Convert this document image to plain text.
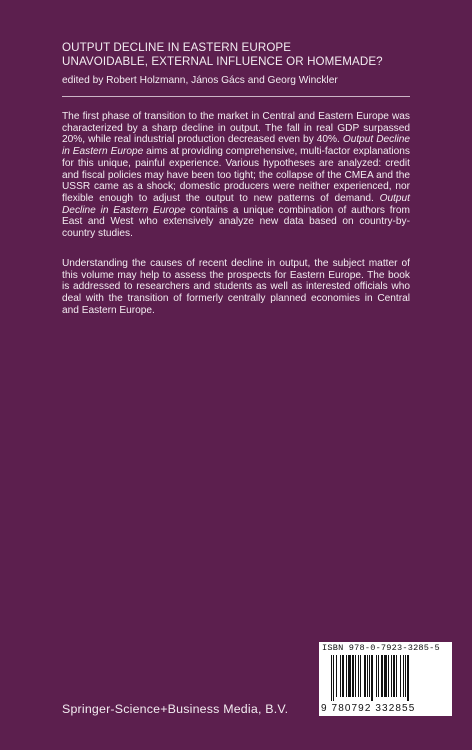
OUTPUT DECLINE IN EASTERN EUROPE
UNAVOIDABLE, EXTERNAL INFLUENCE OR HOMEMADE?
edited by Robert Holzmann, János Gács and Georg Winckler
The first phase of transition to the market in Central and Eastern Europe was characterized by a sharp decline in output. The fall in real GDP surpassed 20%, while real industrial production decreased even by 40%. Output Decline in Eastern Europe aims at providing comprehensive, multi-factor explanations for this unique, painful experience. Various hypotheses are analyzed: credit and fiscal policies may have been too tight; the collapse of the CMEA and the USSR came as a shock; domestic producers were neither experienced, nor flexible enough to adjust the output to new patterns of demand. Output Decline in Eastern Europe contains a unique combination of authors from East and West who extensively analyze new data based on country-by-country studies.
Understanding the causes of recent decline in output, the subject matter of this volume may help to assess the prospects for Eastern Europe. The book is addressed to researchers and students as well as interested officials who deal with the transition of formerly centrally planned economies in Central and Eastern Europe.
ISBN 978-0-7923-3285-5
9 780792 332855
Springer-Science+Business Media, B.V.
